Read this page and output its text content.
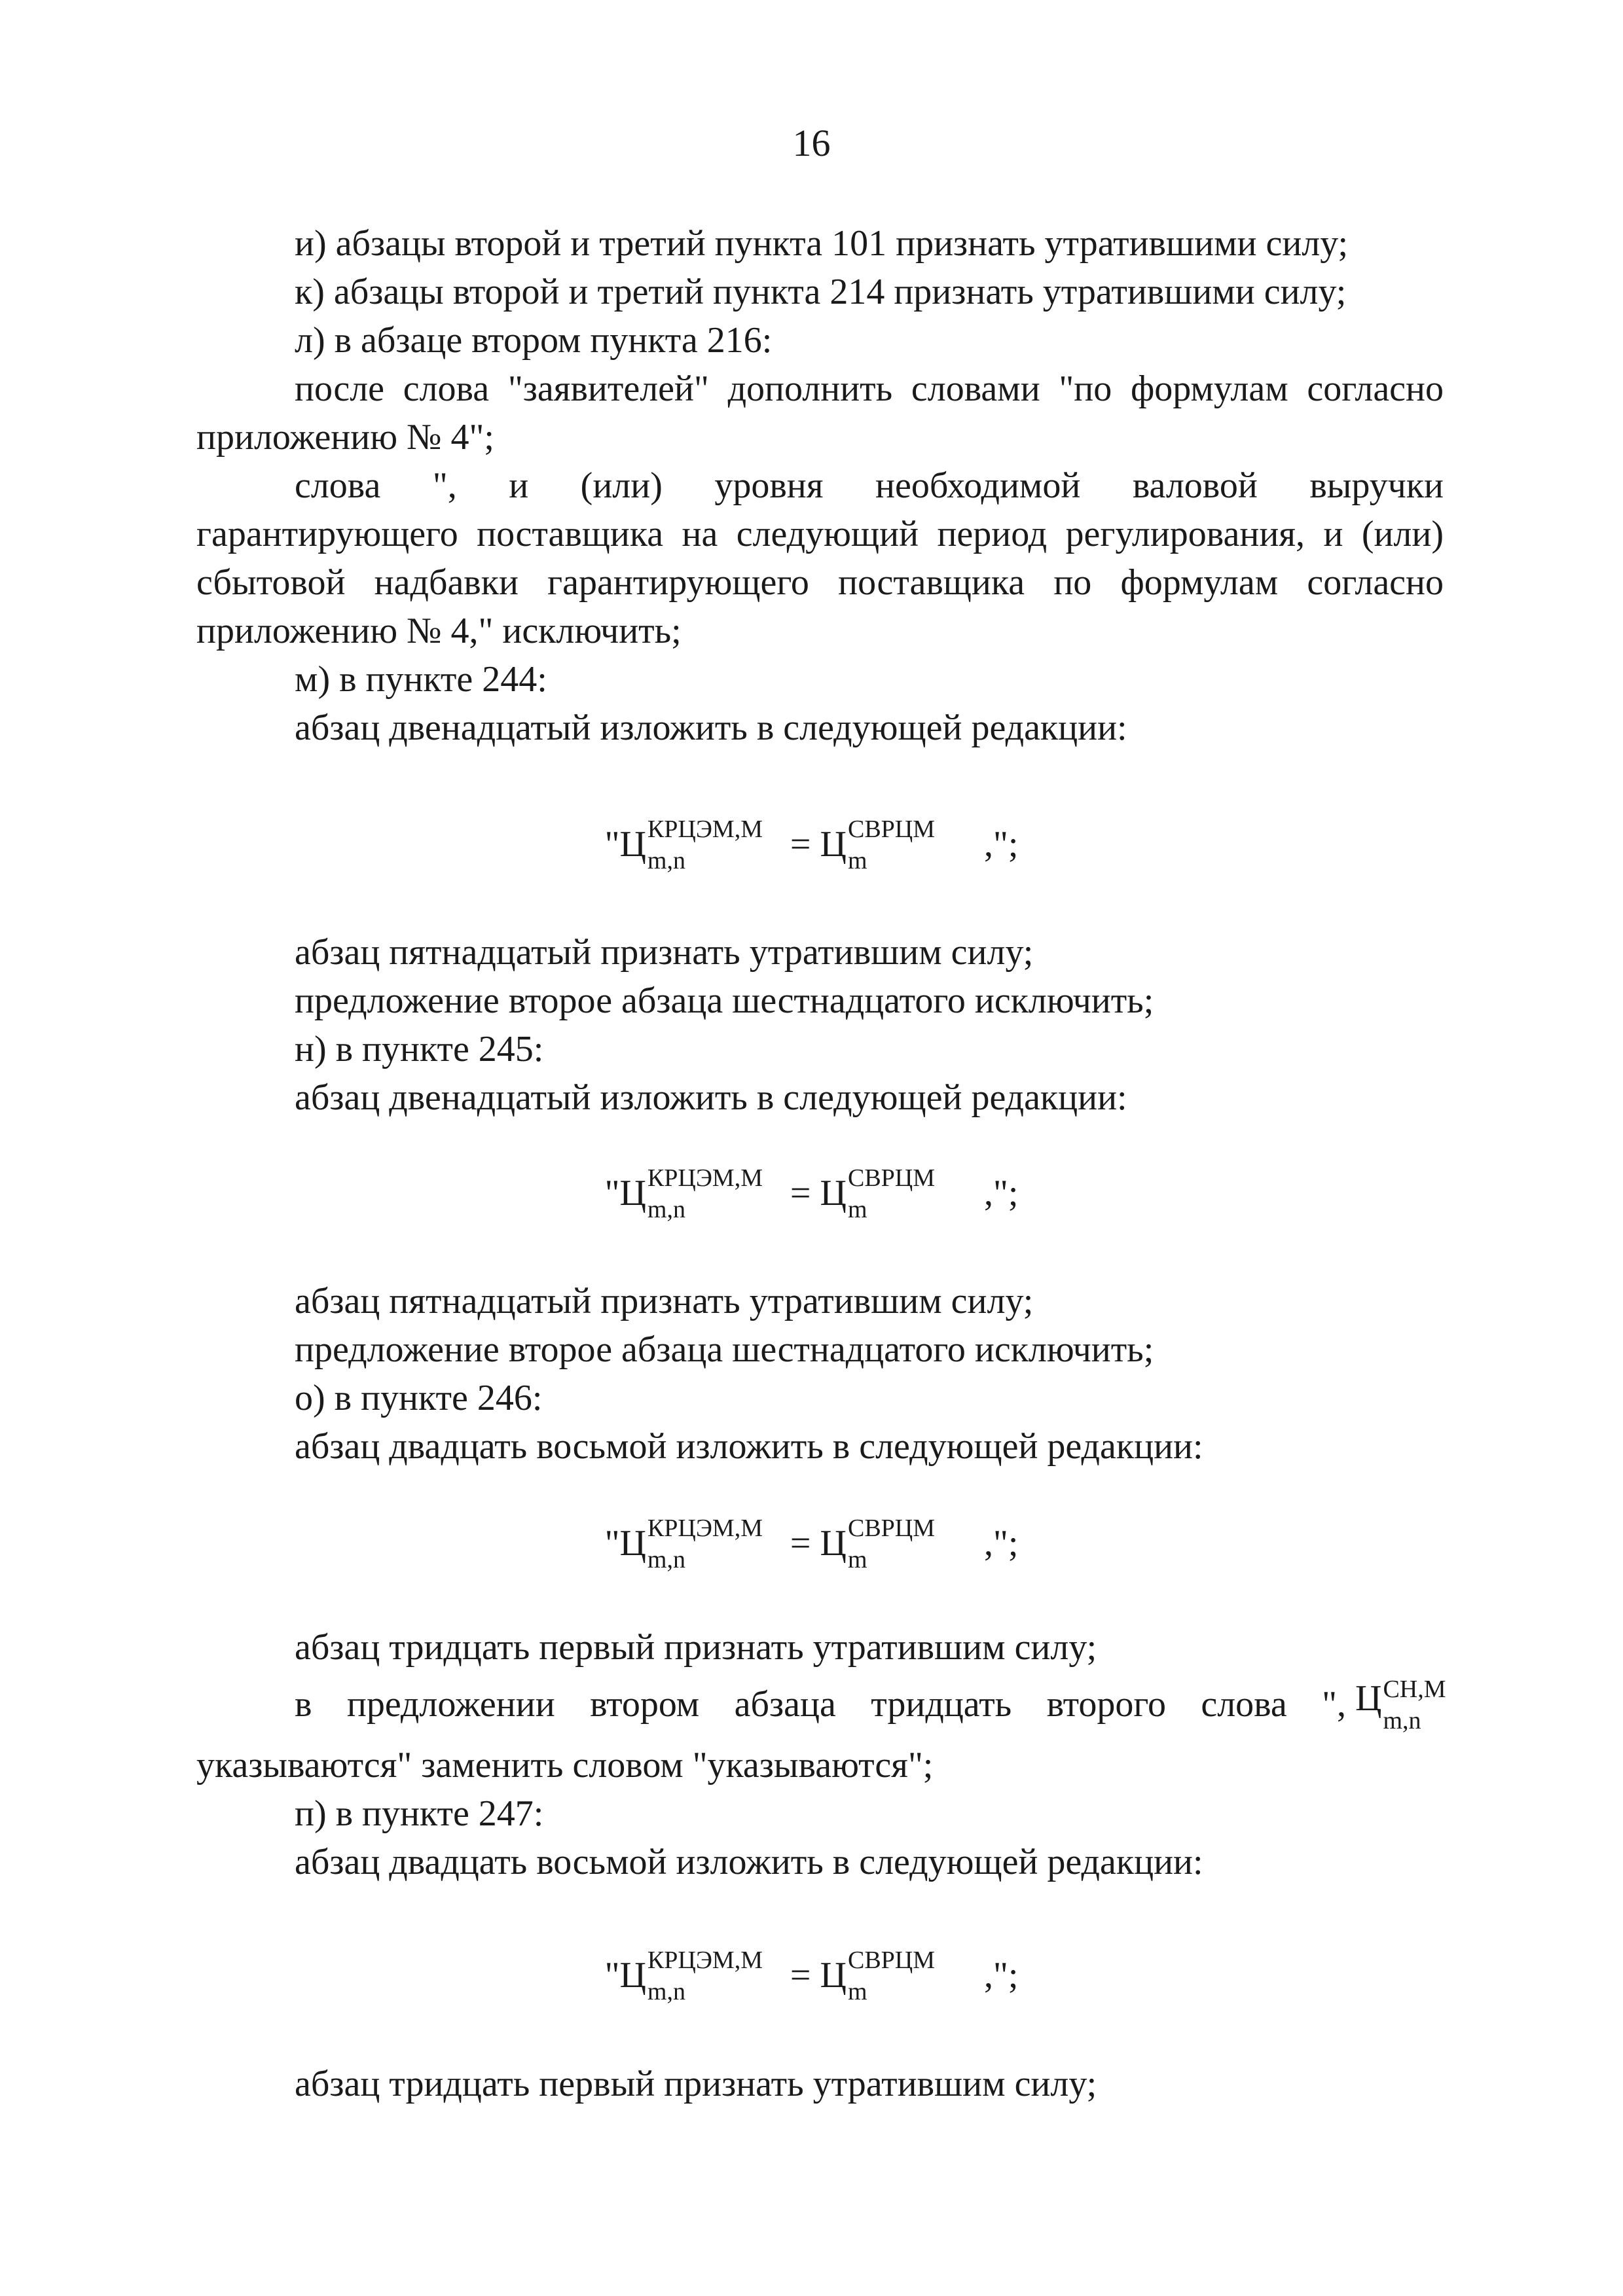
16
и) абзацы второй и третий пункта 101 признать утратившими силу;
к) абзацы второй и третий пункта 214 признать утратившими силу;
л) в абзаце втором пункта 216:
после слова "заявителей" дополнить словами "по формулам согласно
приложению № 4";
слова ", и (или) уровня необходимой валовой выручки
гарантирующего поставщика на следующий период регулирования, и (или)
сбытовой надбавки гарантирующего поставщика по формулам согласно
приложению № 4," исключить;
м) в пункте 244:
абзац двенадцатый изложить в следующей редакции:
"Ц КРЦЭМ,М
m,n	= Ц СВРЦМ
m	,";
абзац пятнадцатый признать утратившим силу;
предложение второе абзаца шестнадцатого исключить;
н) в пункте 245:
абзац двенадцатый изложить в следующей редакции:
"Ц КРЦЭМ,М
m,n	= Ц СВРЦМ
m	,";
абзац пятнадцатый признать утратившим силу;
предложение второе абзаца шестнадцатого исключить;
о) в пункте 246:
абзац двадцать восьмой изложить в следующей редакции:
"Ц КРЦЭМ,М
m,n	= Ц СВРЦМ
m	,";
абзац тридцать первый признать утратившим силу;
в предложении втором абзаца тридцать второго слова ", Ц СН,М
m,n
указываются" заменить словом "указываются";
п) в пункте 247:
абзац двадцать восьмой изложить в следующей редакции:
"Ц КРЦЭМ,М
m,n	= Ц СВРЦМ
m	,";
абзац тридцать первый признать утратившим силу;
